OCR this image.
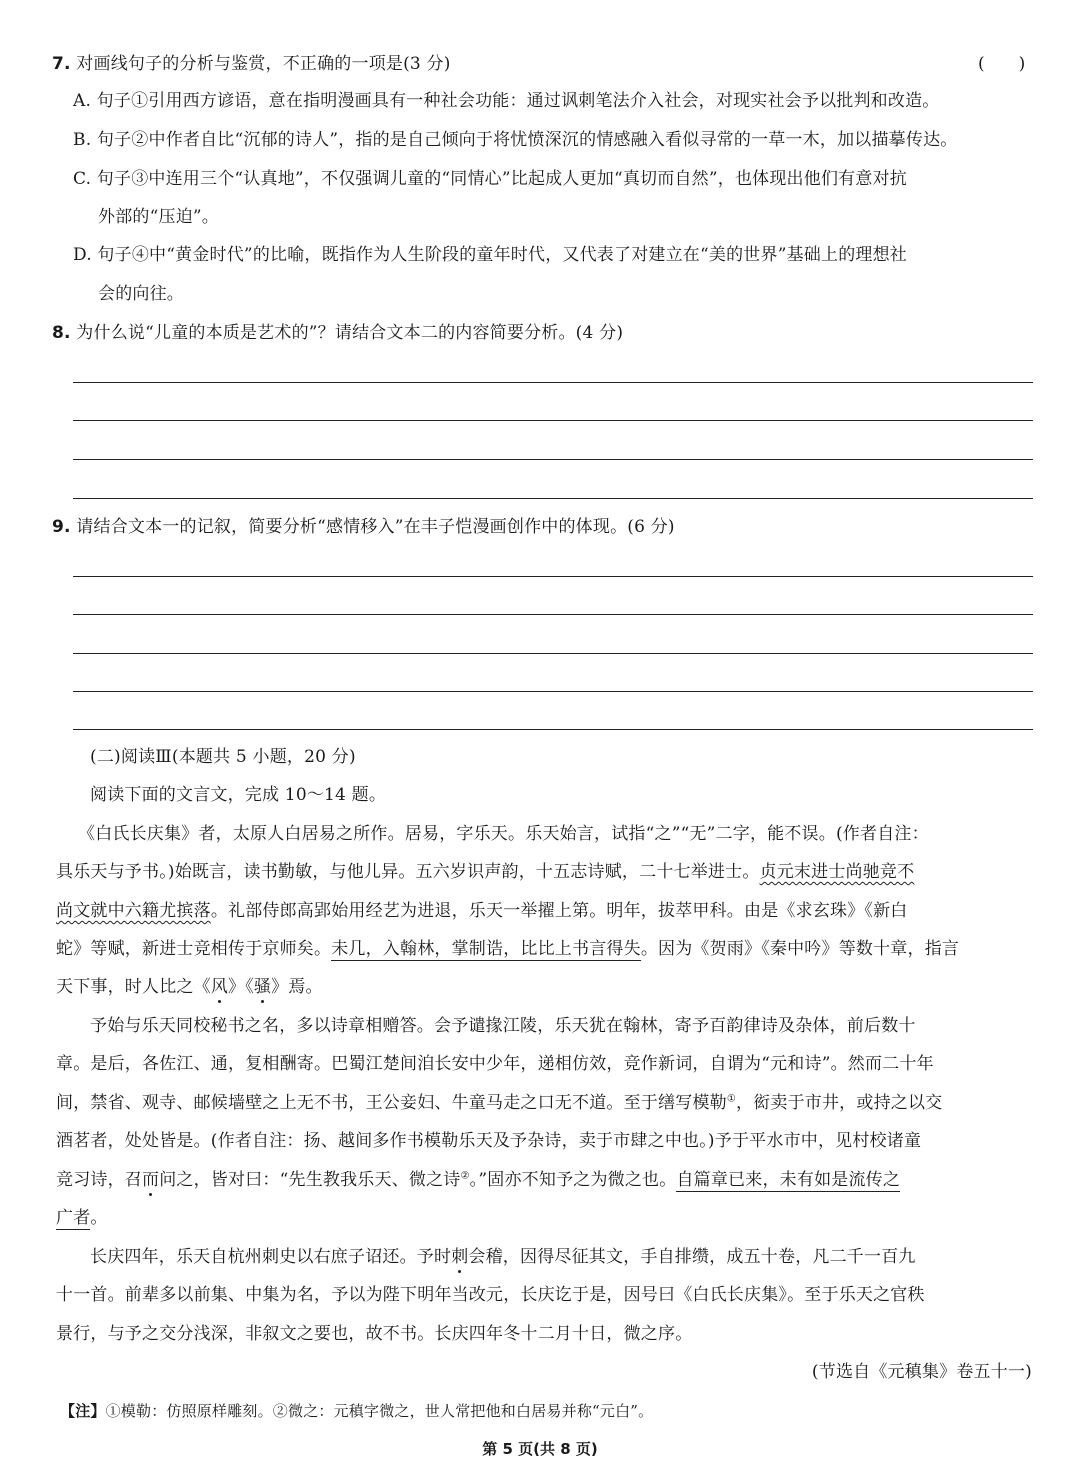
7. 对画线句子的分析与鉴赏，不正确的一项是(3 分)	(　　)
A. 句子①引用西方谚语，意在指明漫画具有一种社会功能：通过讽刺笔法介入社会，对现实社会予以批判和改造。
B. 句子②中作者自比“沉郁的诗人”，指的是自己倾向于将忧愤深沉的情感融入看似寻常的一草一木，加以描摹传达。
C. 句子③中连用三个“认真地”，不仅强调儿童的“同情心”比起成人更加“真切而自然”，也体现出他们有意对抗
外部的“压迫”。
D. 句子④中“黄金时代”的比喻，既指作为人生阶段的童年时代，又代表了对建立在“美的世界”基础上的理想社
会的向往。
8. 为什么说“儿童的本质是艺术的”？请结合文本二的内容简要分析。(4 分)
9. 请结合文本一的记叙，简要分析“感情移入”在丰子恺漫画创作中的体现。(6 分)
(二)阅读Ⅲ(本题共 5 小题，20 分)
阅读下面的文言文，完成 10～14 题。
《白氏长庆集》者，太原人白居易之所作。居易，字乐天。乐天始言，试指“之”“无”二字，能不误。(作者自注：
具乐天与予书。)始既言，读书勤敏，与他儿异。五六岁识声韵，十五志诗赋，二十七举进士。贞元末进士尚驰竞不
尚文就中六籍尤摈落。礼部侍郎高郢始用经艺为进退，乐天一举擢上第。明年，拔萃甲科。由是《求玄珠》《新白
蛇》等赋，新进士竞相传于京师矣。未几，入翰林，掌制诰，比比上书言得失。因为《贺雨》《秦中吟》等数十章，指言
天下事，时人比之《风》《骚》焉。
予始与乐天同校秘书之名，多以诗章相赠答。会予谴掾江陵，乐天犹在翰林，寄予百韵律诗及杂体，前后数十
章。是后，各佐江、通，复相酬寄。巴蜀江楚间洎长安中少年，递相仿效，竞作新词，自谓为“元和诗”。然而二十年
间，禁省、观寺、邮候墙壁之上无不书，王公妾妇、牛童马走之口无不道。至于缮写模勒①，衒卖于市井，或持之以交
酒茗者，处处皆是。(作者自注：扬、越间多作书模勒乐天及予杂诗，卖于市肆之中也。)予于平水市中，见村校诸童
竞习诗，召而问之，皆对曰：“先生教我乐天、微之诗②。”固亦不知予之为微之也。自篇章已来，未有如是流传之
广者。
长庆四年，乐天自杭州刺史以右庶子诏还。予时刺会稽，因得尽征其文，手自排缵，成五十卷，凡二千一百九
十一首。前辈多以前集、中集为名，予以为陛下明年当改元，长庆讫于是，因号曰《白氏长庆集》。至于乐天之官秩
景行，与予之交分浅深，非叙文之要也，故不书。长庆四年冬十二月十日，微之序。
(节选自《元稹集》卷五十一)
【注】①模勒：仿照原样雕刻。②微之：元稹字微之，世人常把他和白居易并称“元白”。
第 5 页(共 8 页)
